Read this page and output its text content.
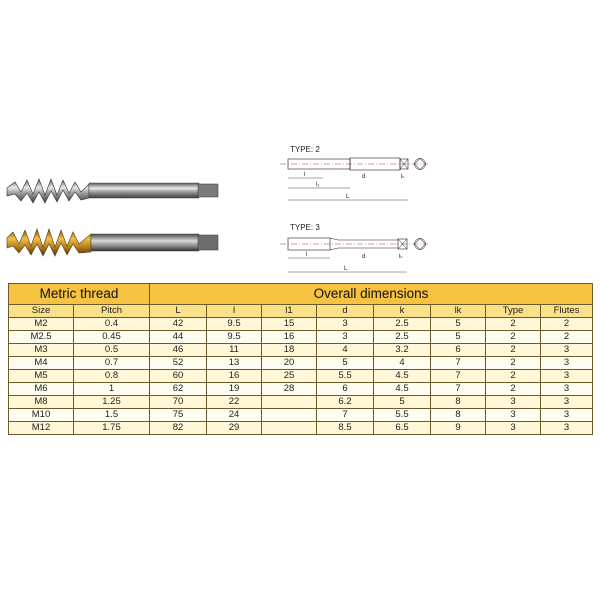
TYPE: 2
l
l₁
d	lₖ
L
TYPE: 3
l	d	lₖ
L
Metric thread		Overall dimensions							
Size	Pitch	L	l	l1	d	k	lk	Type	Flutes
M2	0.4	42	9.5	15	3	2.5	5	2	2
M2.5	0.45	44	9.5	16	3	2.5	5	2	2
M3	0.5	46	11	18	4	3.2	6	2	3
M4	0.7	52	13	20	5	4	7	2	3
M5	0.8	60	16	25	5.5	4.5	7	2	3
M6	1	62	19	28	6	4.5	7	2	3
M8	1.25	70	22		6.2	5	8	3	3
M10	1.5	75	24		7	5.5	8	3	3
M12	1.75	82	29		8.5	6.5	9	3	3
